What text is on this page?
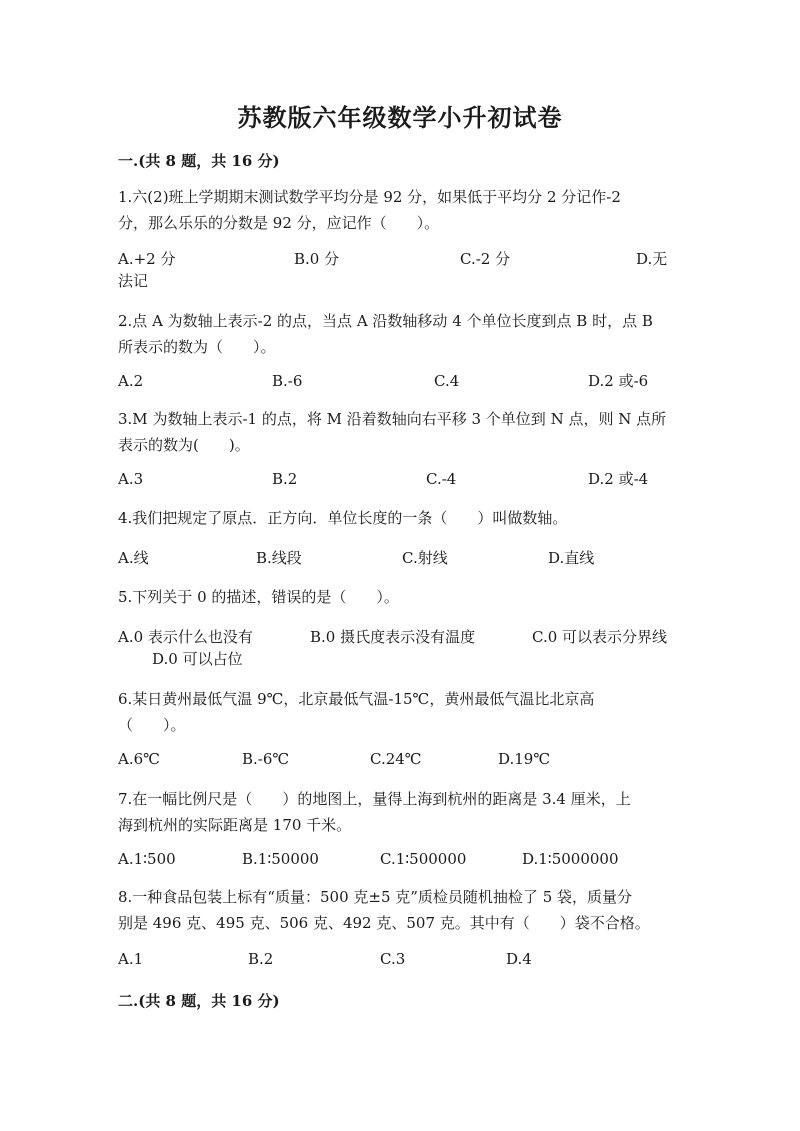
苏教版六年级数学小升初试卷
一.(共 8 题，共 16 分)
1.六(2)班上学期期末测试数学平均分是 92 分，如果低于平均分 2 分记作-2
分，那么乐乐的分数是 92 分，应记作（　　）。
A.+2 分	B.0 分	C.-2 分	D.无
法记
2.点 A 为数轴上表示-2 的点，当点 A 沿数轴移动 4 个单位长度到点 B 时，点 B
所表示的数为（　　）。
A.2	B.-6	C.4	D.2 或-6
3.M 为数轴上表示-1 的点，将 M 沿着数轴向右平移 3 个单位到 N 点，则 N 点所
表示的数为(　　)。
A.3	B.2	C.-4	D.2 或-4
4.我们把规定了原点．正方向．单位长度的一条（　　）叫做数轴。
A.线	B.线段	C.射线	D.直线
5.下列关于 0 的描述，错误的是（　　）。
A.0 表示什么也没有	B.0 摄氏度表示没有温度	C.0 可以表示分界线
D.0 可以占位
6.某日黄州最低气温 9℃，北京最低气温-15℃，黄州最低气温比北京高
（　　）。
A.6℃	B.-6℃	C.24℃	D.19℃
7.在一幅比例尺是（　　）的地图上，量得上海到杭州的距离是 3.4 厘米，上
海到杭州的实际距离是 170 千米。
A.1∶500	B.1∶50000	C.1∶500000	D.1∶5000000
8.一种食品包装上标有“质量：500 克±5 克”质检员随机抽检了 5 袋，质量分
别是 496 克、495 克、506 克、492 克、507 克。其中有（　　）袋不合格。
A.1	B.2	C.3	D.4
二.(共 8 题，共 16 分)
